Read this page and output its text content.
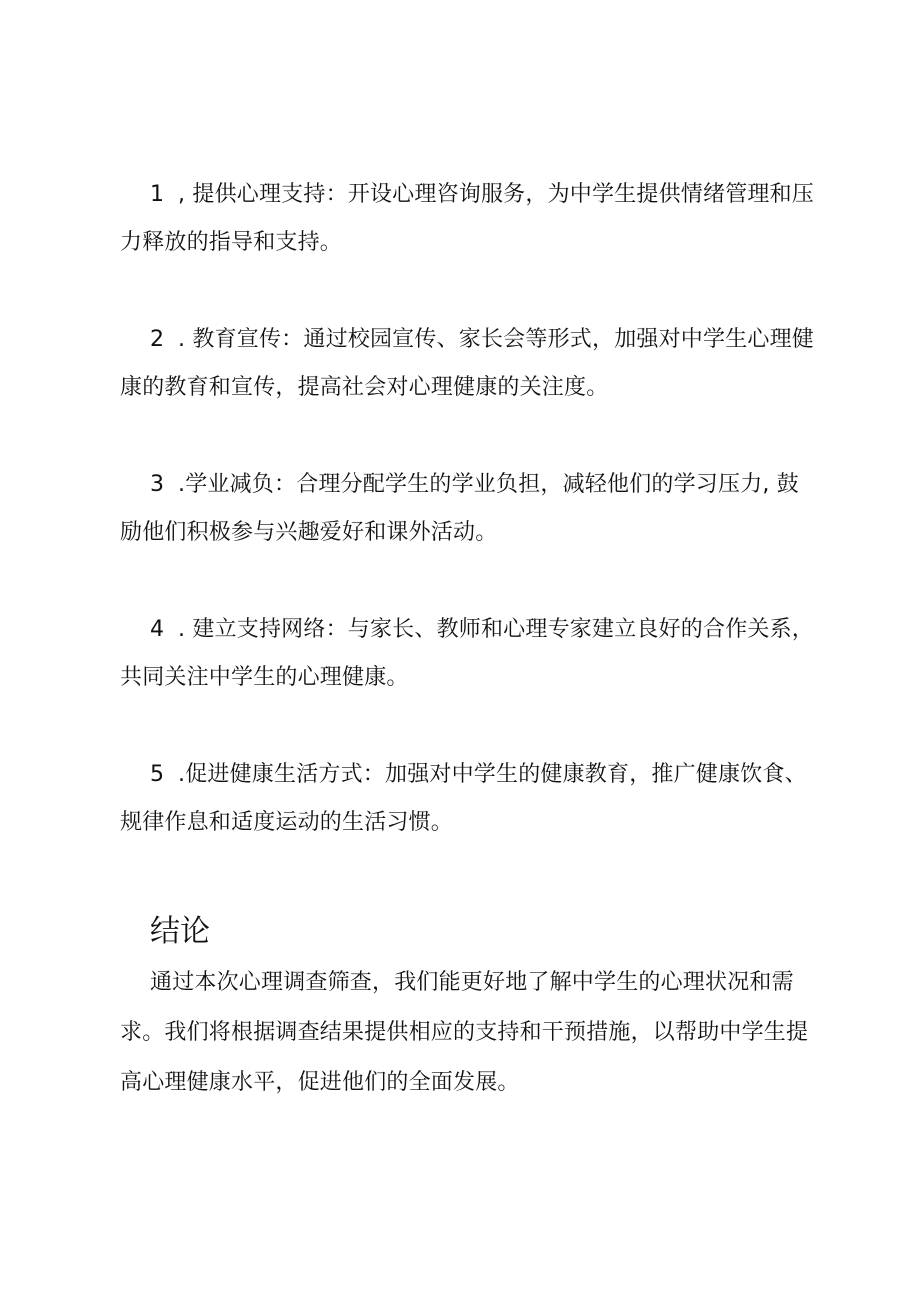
1 , 提供心理支持：开设心理咨询服务，为中学生提供情绪管理和压力释放的指导和支持。

2 . 教育宣传：通过校园宣传、家长会等形式，加强对中学生心理健康的教育和宣传，提高社会对心理健康的关注度。

3 .学业减负：合理分配学生的学业负担，减轻他们的学习压力, 鼓励他们积极参与兴趣爱好和课外活动。

4 . 建立支持网络：与家长、教师和心理专家建立良好的合作关系，共同关注中学生的心理健康。

5 .促进健康生活方式：加强对中学生的健康教育，推广健康饮食、规律作息和适度运动的生活习惯。

结论

通过本次心理调查筛查，我们能更好地了解中学生的心理状况和需求。我们将根据调查结果提供相应的支持和干预措施，以帮助中学生提高心理健康水平，促进他们的全面发展。
